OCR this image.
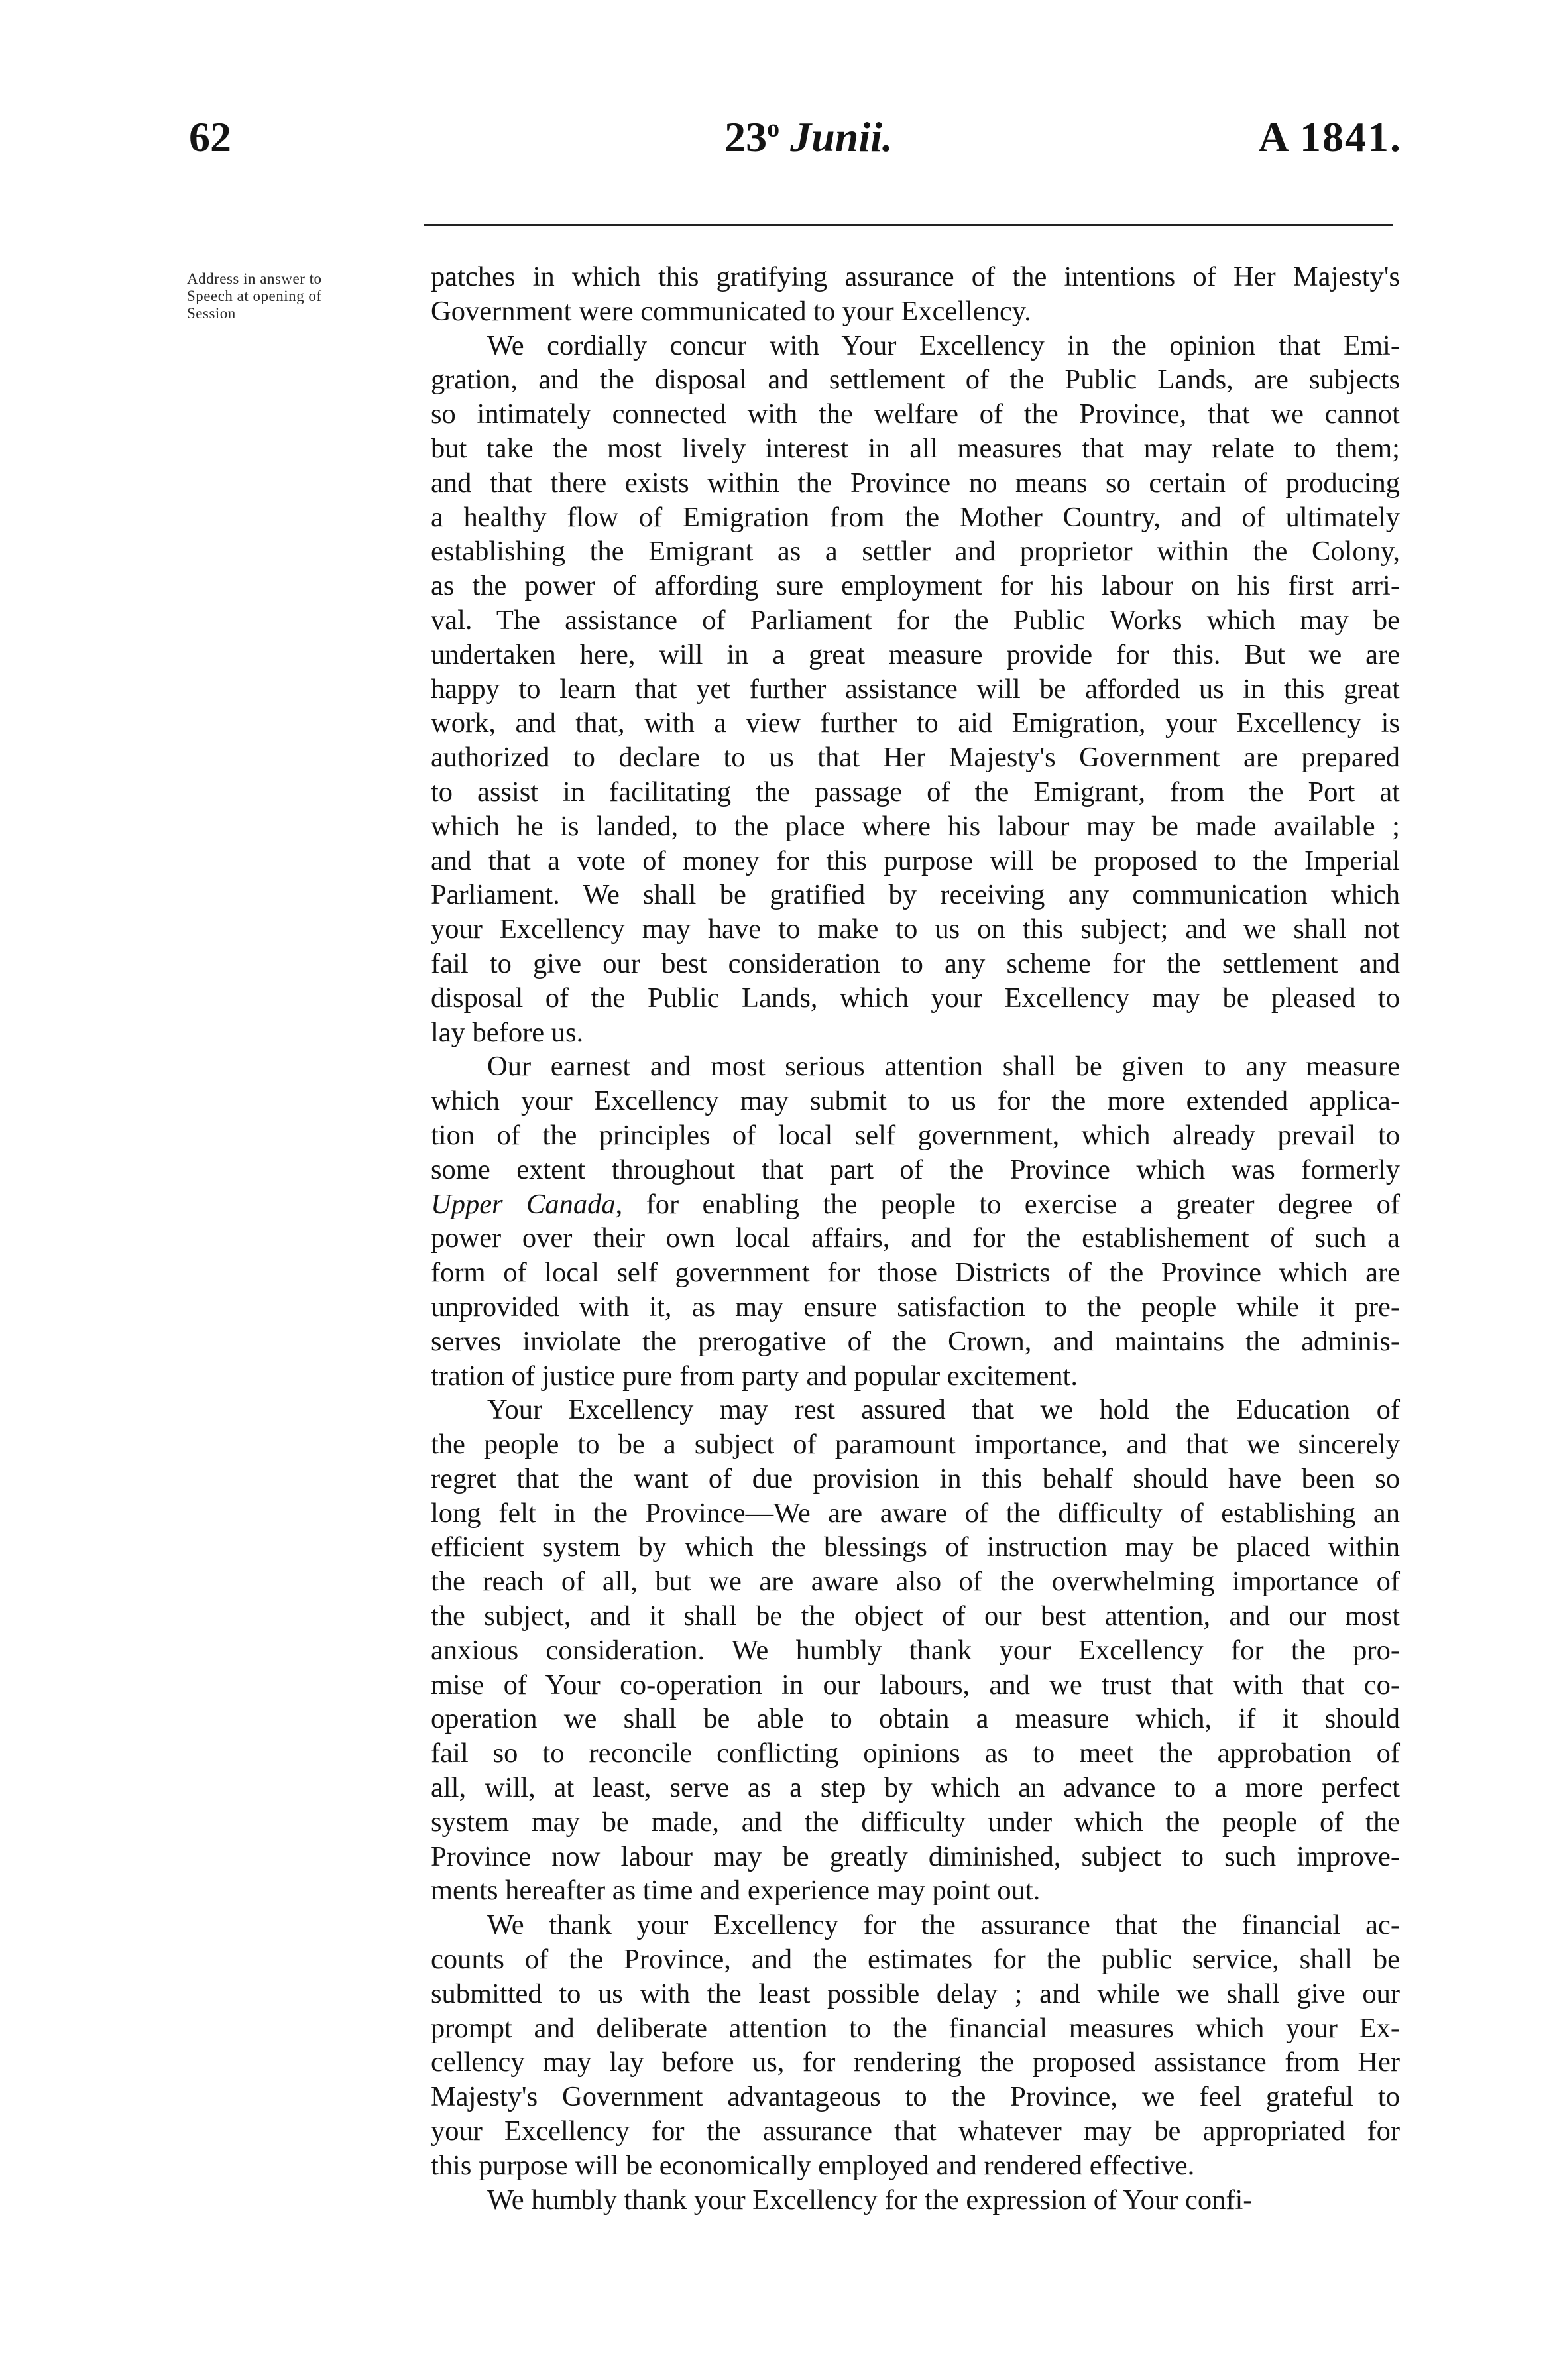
62	23$^o$ Junii.	A 1841.
Address in answer to
Speech at opening of
Session
patches in which this gratifying assurance of the intentions of Her Majesty's
Government were communicated to your Excellency.
We cordially concur with Your Excellency in the opinion that Emi-
gration, and the disposal and settlement of the Public Lands, are subjects
so intimately connected with the welfare of the Province, that we cannot
but take the most lively interest in all measures that may relate to them;
and that there exists within the Province no means so certain of producing
a healthy flow of Emigration from the Mother Country, and of ultimately
establishing the Emigrant as a settler and proprietor within the Colony,
as the power of affording sure employment for his labour on his first arri-
val. The assistance of Parliament for the Public Works which may be
undertaken here, will in a great measure provide for this. But we are
happy to learn that yet further assistance will be afforded us in this great
work, and that, with a view further to aid Emigration, your Excellency is
authorized to declare to us that Her Majesty's Government are prepared
to assist in facilitating the passage of the Emigrant, from the Port at
which he is landed, to the place where his labour may be made available ;
and that a vote of money for this purpose will be proposed to the Imperial
Parliament. We shall be gratified by receiving any communication which
your Excellency may have to make to us on this subject; and we shall not
fail to give our best consideration to any scheme for the settlement and
disposal of the Public Lands, which your Excellency may be pleased to
lay before us.
Our earnest and most serious attention shall be given to any measure
which your Excellency may submit to us for the more extended applica-
tion of the principles of local self government, which already prevail to
some extent throughout that part of the Province which was formerly
Upper Canada, for enabling the people to exercise a greater degree of
power over their own local affairs, and for the establishement of such a
form of local self government for those Districts of the Province which are
unprovided with it, as may ensure satisfaction to the people while it pre-
serves inviolate the prerogative of the Crown, and maintains the adminis-
tration of justice pure from party and popular excitement.
Your Excellency may rest assured that we hold the Education of
the people to be a subject of paramount importance, and that we sincerely
regret that the want of due provision in this behalf should have been so
long felt in the Province—We are aware of the difficulty of establishing an
efficient system by which the blessings of instruction may be placed within
the reach of all, but we are aware also of the overwhelming importance of
the subject, and it shall be the object of our best attention, and our most
anxious consideration. We humbly thank your Excellency for the pro-
mise of Your co-operation in our labours, and we trust that with that co-
operation we shall be able to obtain a measure which, if it should
fail so to reconcile conflicting opinions as to meet the approbation of
all, will, at least, serve as a step by which an advance to a more perfect
system may be made, and the difficulty under which the people of the
Province now labour may be greatly diminished, subject to such improve-
ments hereafter as time and experience may point out.
We thank your Excellency for the assurance that the financial ac-
counts of the Province, and the estimates for the public service, shall be
submitted to us with the least possible delay ; and while we shall give our
prompt and deliberate attention to the financial measures which your Ex-
cellency may lay before us, for rendering the proposed assistance from Her
Majesty's Government advantageous to the Province, we feel grateful to
your Excellency for the assurance that whatever may be appropriated for
this purpose will be economically employed and rendered effective.
We humbly thank your Excellency for the expression of Your confi-
